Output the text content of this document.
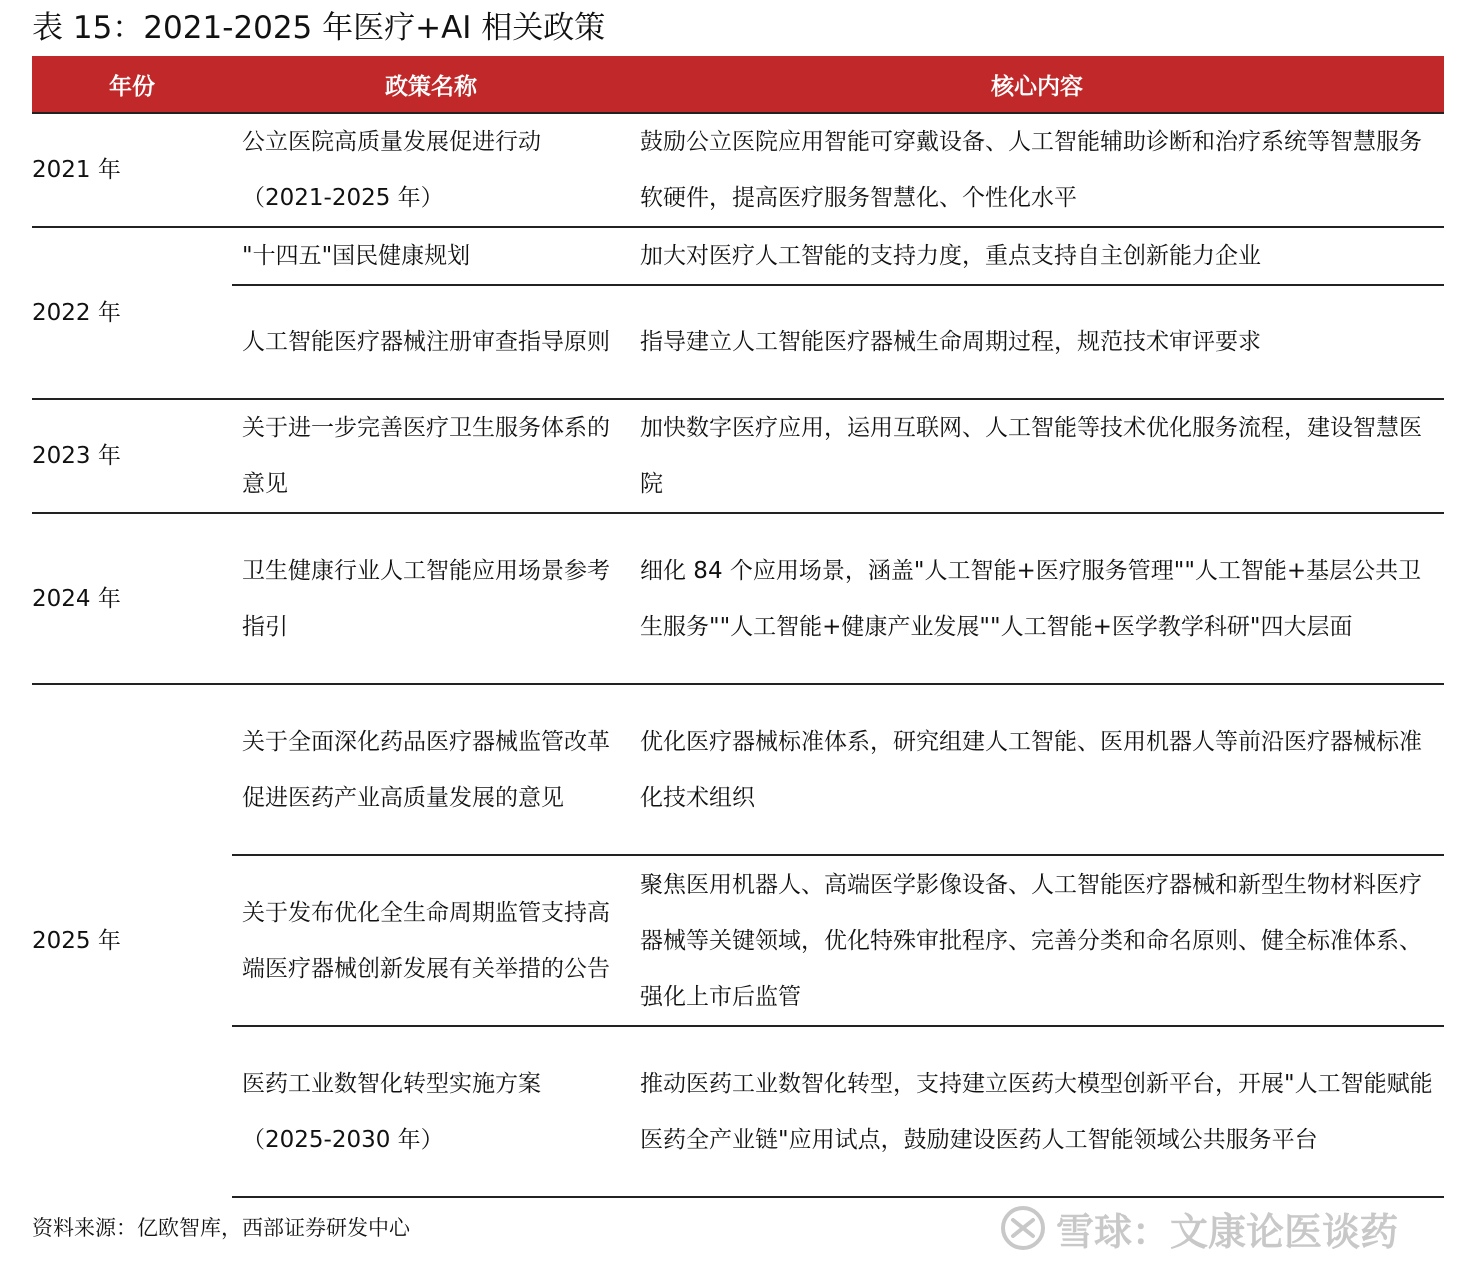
表 15：2021-2025 年医疗+AI 相关政策
年份	政策名称	核心内容
2021 年	公立医院高质量发展促进行动（2021-2025 年）	鼓励公立医院应用智能可穿戴设备、人工智能辅助诊断和治疗系统等智慧服务软硬件，提高医疗服务智慧化、个性化水平
2022 年	"十四五"国民健康规划	加大对医疗人工智能的支持力度，重点支持自主创新能力企业
	人工智能医疗器械注册审查指导原则	指导建立人工智能医疗器械生命周期过程，规范技术审评要求
2023 年	关于进一步完善医疗卫生服务体系的意见	加快数字医疗应用，运用互联网、人工智能等技术优化服务流程，建设智慧医院
2024 年	卫生健康行业人工智能应用场景参考指引	细化 84 个应用场景，涵盖"人工智能+医疗服务管理""人工智能+基层公共卫生服务""人工智能+健康产业发展""人工智能+医学教学科研"四大层面
2025 年	关于全面深化药品医疗器械监管改革促进医药产业高质量发展的意见	优化医疗器械标准体系，研究组建人工智能、医用机器人等前沿医疗器械标准化技术组织
	关于发布优化全生命周期监管支持高端医疗器械创新发展有关举措的公告	聚焦医用机器人、高端医学影像设备、人工智能医疗器械和新型生物材料医疗器械等关键领域，优化特殊审批程序、完善分类和命名原则、健全标准体系、强化上市后监管
	医药工业数智化转型实施方案（2025-2030 年）	推动医药工业数智化转型，支持建立医药大模型创新平台，开展"人工智能赋能医药全产业链"应用试点，鼓励建设医药人工智能领域公共服务平台
资料来源：亿欧智库，西部证券研发中心	雪球：文康论医谈药
